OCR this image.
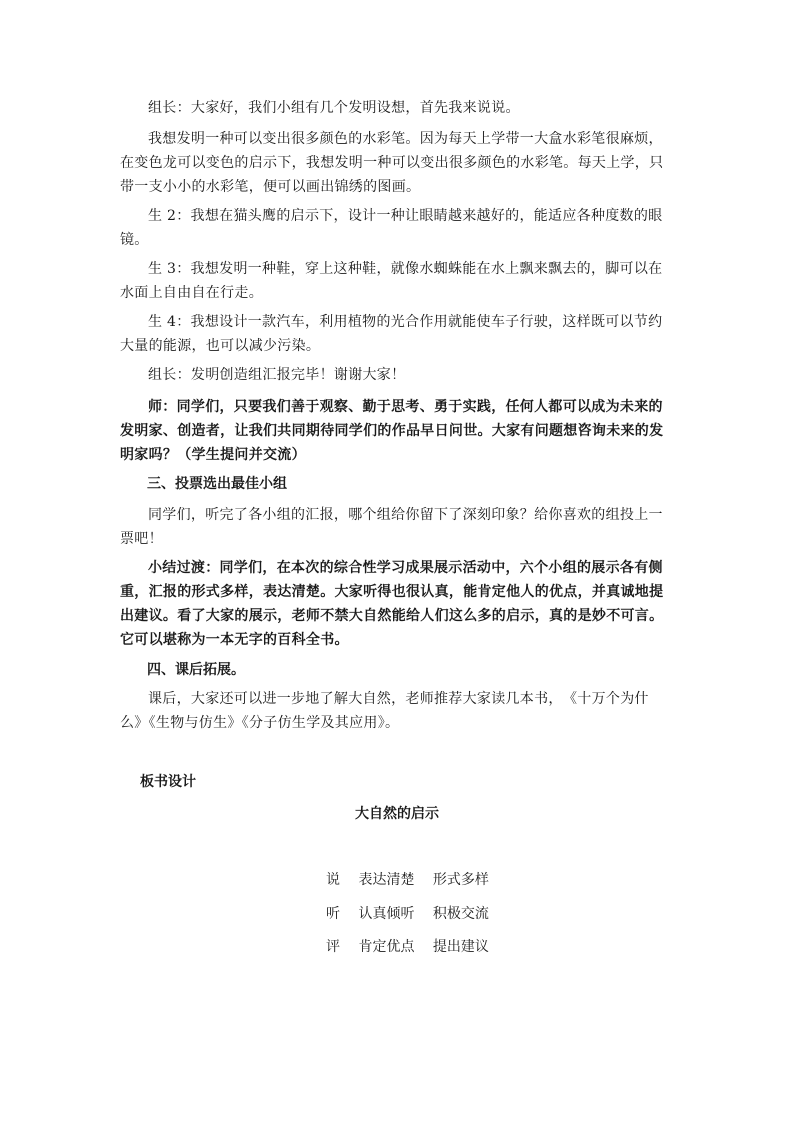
组长：大家好，我们小组有几个发明设想，首先我来说说。

我想发明一种可以变出很多颜色的水彩笔。因为每天上学带一大盒水彩笔很麻烦，在变色龙可以变色的启示下，我想发明一种可以变出很多颜色的水彩笔。每天上学，只带一支小小的水彩笔，便可以画出锦绣的图画。

生 2：我想在猫头鹰的启示下，设计一种让眼睛越来越好的，能适应各种度数的眼镜。

生 3：我想发明一种鞋，穿上这种鞋，就像水蜘蛛能在水上飘来飘去的，脚可以在水面上自由自在行走。

生 4：我想设计一款汽车，利用植物的光合作用就能使车子行驶，这样既可以节约大量的能源，也可以减少污染。

组长：发明创造组汇报完毕！谢谢大家！

师：同学们，只要我们善于观察、勤于思考、勇于实践，任何人都可以成为未来的发明家、创造者，让我们共同期待同学们的作品早日问世。大家有问题想咨询未来的发明家吗？（学生提问并交流）

三、投票选出最佳小组

同学们，听完了各小组的汇报，哪个组给你留下了深刻印象？给你喜欢的组投上一票吧！

小结过渡：同学们，在本次的综合性学习成果展示活动中，六个小组的展示各有侧重，汇报的形式多样，表达清楚。大家听得也很认真，能肯定他人的优点，并真诚地提出建议。看了大家的展示，老师不禁大自然能给人们这么多的启示，真的是妙不可言。它可以堪称为一本无字的百科全书。

四、课后拓展。

课后，大家还可以进一步地了解大自然，老师推荐大家读几本书，　《十万个为什么》《生物与仿生》《分子仿生学及其应用》。

板书设计
大自然的启示
说　 表达清楚　 形式多样
听　 认真倾听　 积极交流
评　 肯定优点　 提出建议
